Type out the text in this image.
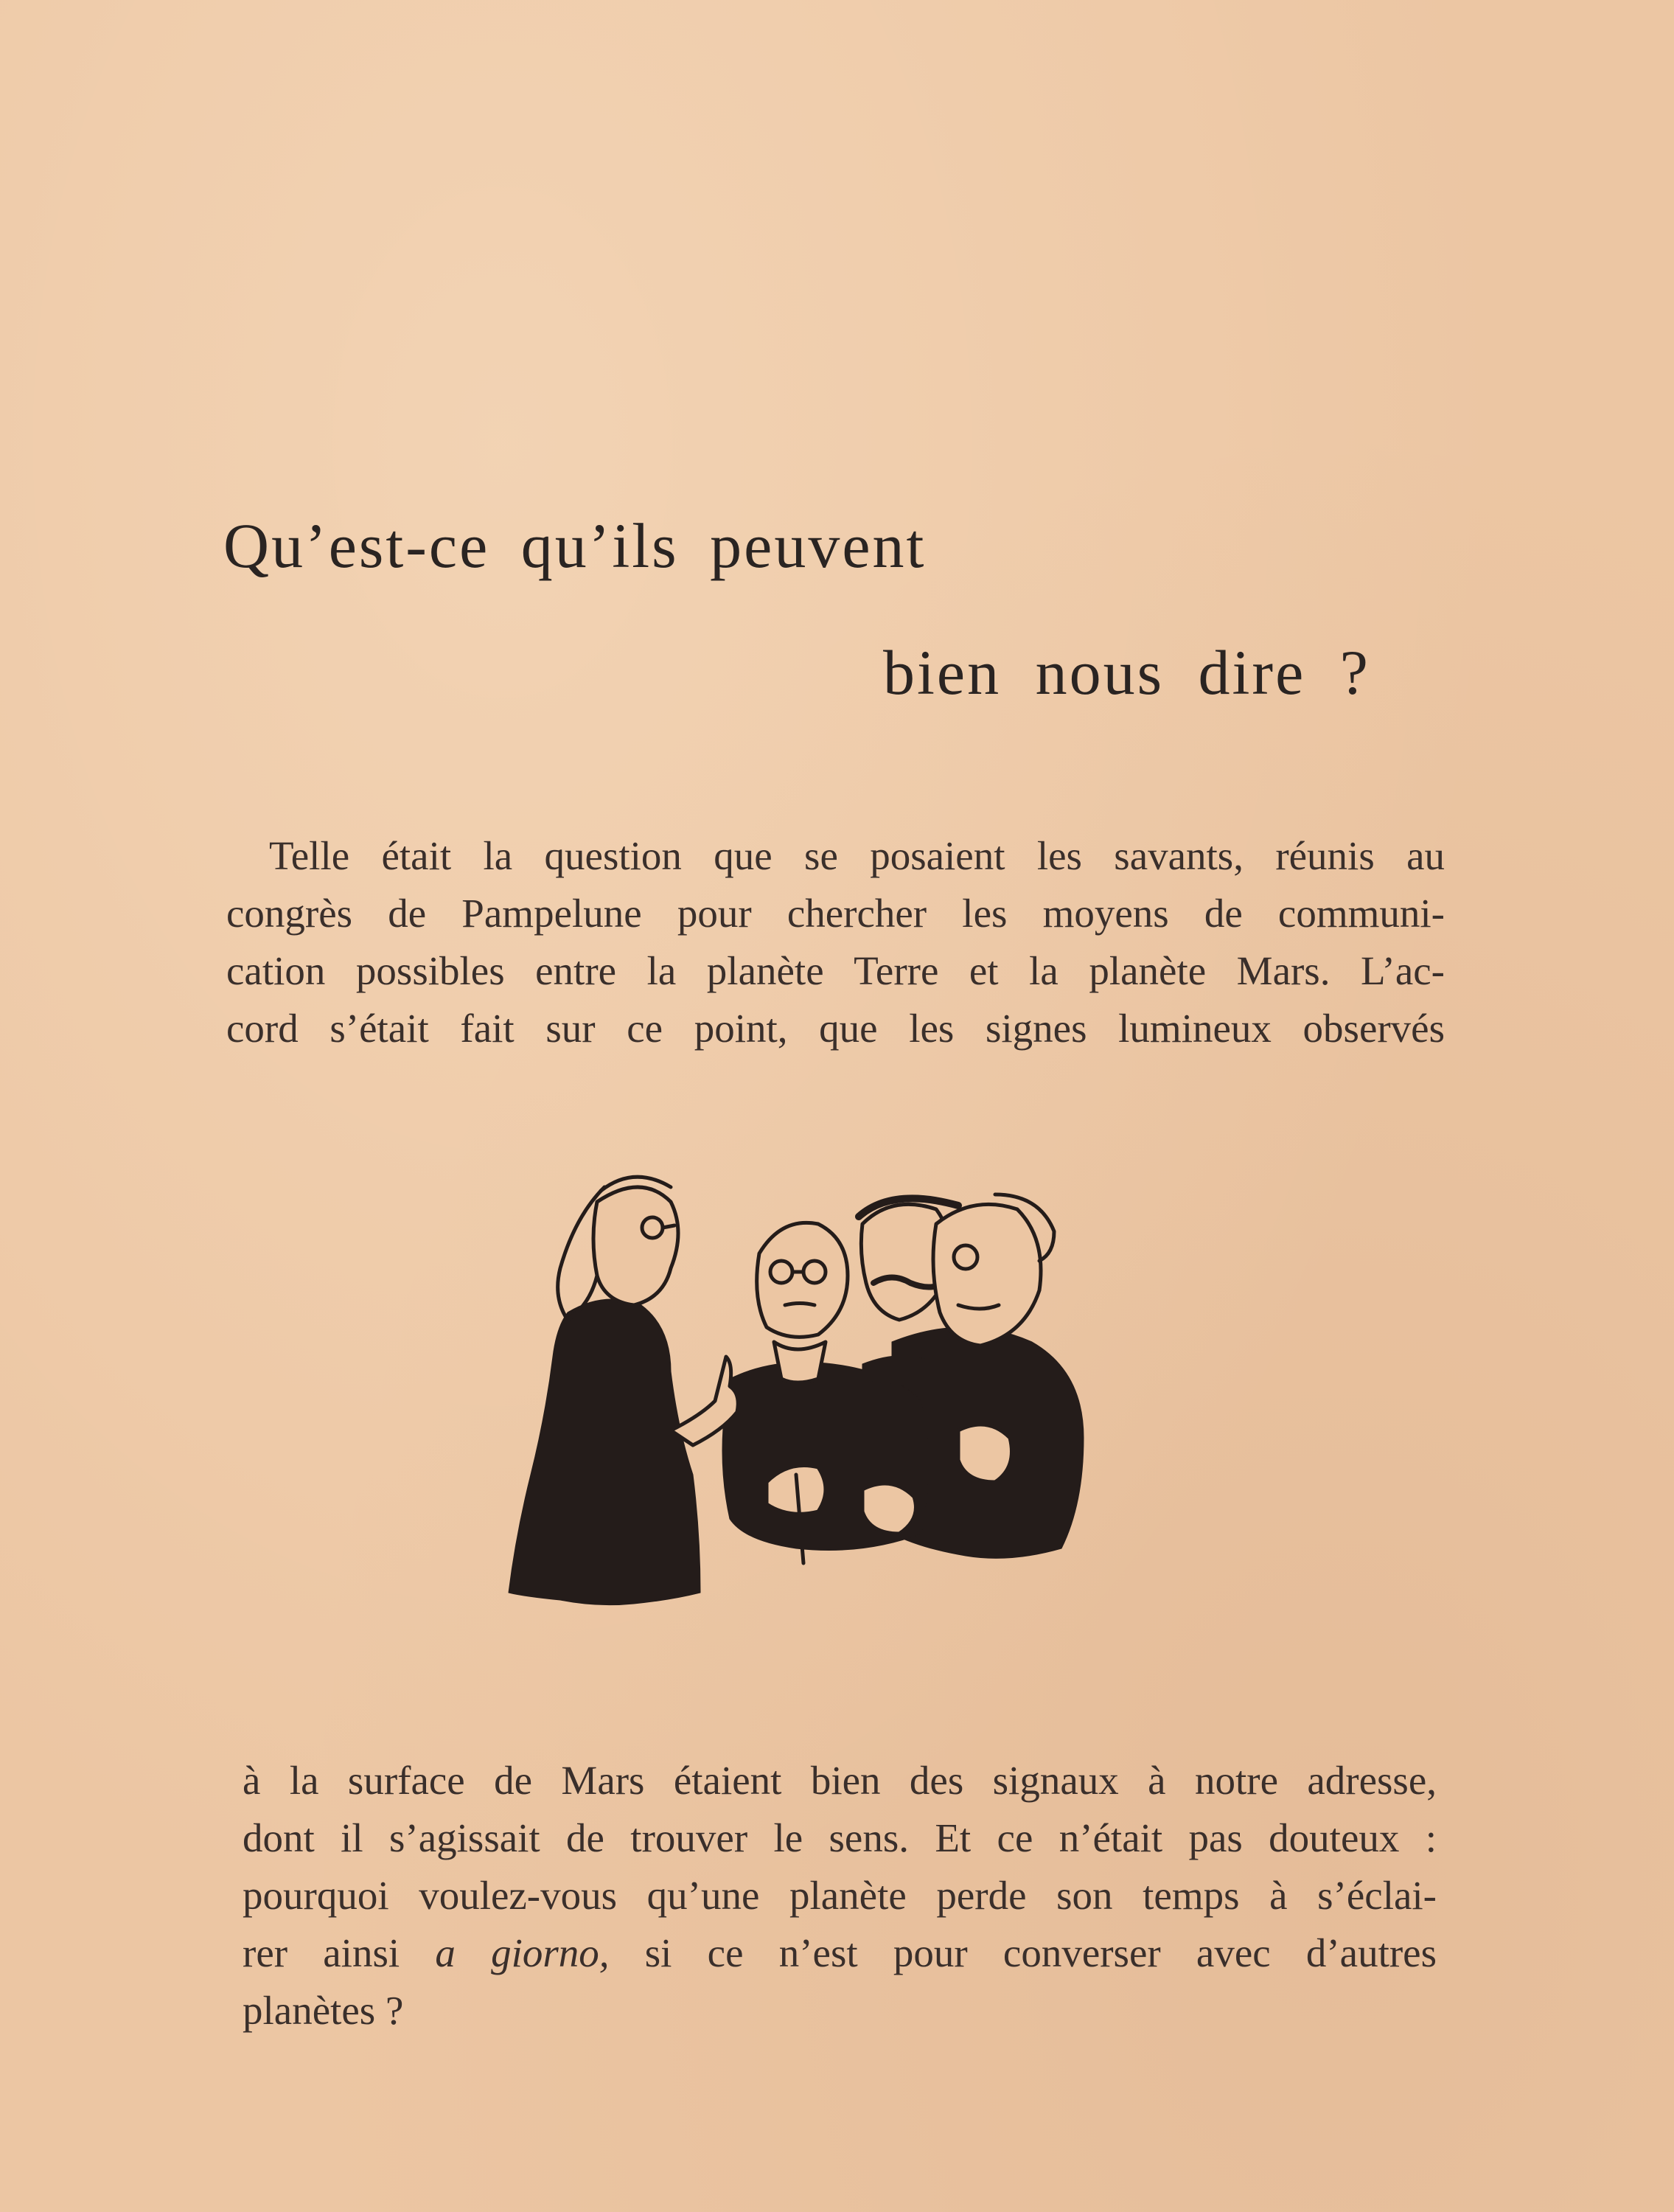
Qu’est-ce qu’ils peuvent
bien nous dire ?
Telle était la question que se posaient les savants, réunis au
congrès de Pampelune pour chercher les moyens de communi-
cation possibles entre la planète Terre et la planète Mars. L’ac-
cord s’était fait sur ce point, que les signes lumineux observés
à la surface de Mars étaient bien des signaux à notre adresse,
dont il s’agissait de trouver le sens. Et ce n’était pas douteux :
pourquoi voulez-vous qu’une planète perde son temps à s’éclai-
rer ainsi a giorno, si ce n’est pour converser avec d’autres
planètes ?
